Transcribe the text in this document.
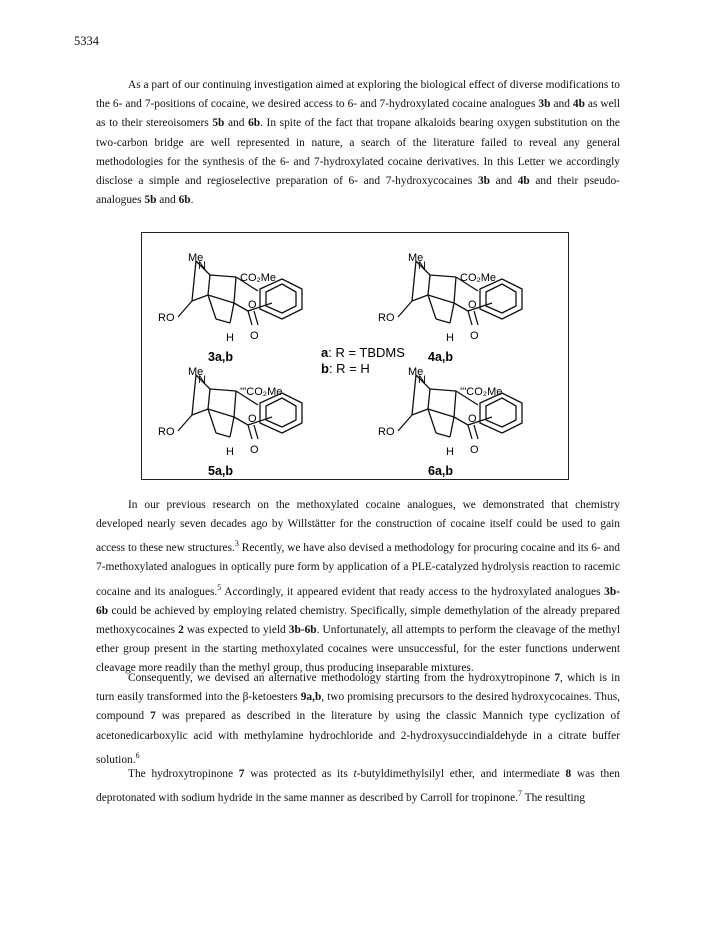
5334

As a part of our continuing investigation aimed at exploring the biological effect of diverse modifications to the 6- and 7-positions of cocaine, we desired access to 6- and 7-hydroxylated cocaine analogues 3b and 4b as well as to their stereoisomers 5b and 6b. In spite of the fact that tropane alkaloids bearing oxygen substitution on the two-carbon bridge are well represented in nature, a search of the literature failed to reveal any general methodologies for the synthesis of the 6- and 7-hydroxylated cocaine derivatives. In this Letter we accordingly disclose a simple and regioselective preparation of 6- and 7-hydroxycocaines 3b and 4b and their pseudo-analogues 5b and 6b.

Me
N
CO₂Me
RO
O
H O
3a,b
Me
N
CO₂Me
RO
O
H O
4a,b
Me
N
'''CO₂Me
RO
O
H O
5a,b
Me
N
'''CO₂Me
RO
O
H O
6a,b
a: R = TBDMS
b: R = H

In our previous research on the methoxylated cocaine analogues, we demonstrated that chemistry developed nearly seven decades ago by Willstätter for the construction of cocaine itself could be used to gain access to these new structures.$^3$ Recently, we have also devised a methodology for procuring cocaine and its 6- and 7-methoxylated analogues in optically pure form by application of a PLE-catalyzed hydrolysis reaction to racemic cocaine and its analogues.$^5$ Accordingly, it appeared evident that ready access to the hydroxylated analogues 3b-6b could be achieved by employing related chemistry. Specifically, simple demethylation of the already prepared methoxycocaines 2 was expected to yield 3b-6b. Unfortunately, all attempts to perform the cleavage of the methyl ether group present in the starting methoxylated cocaines were unsuccessful, for the ester functions underwent cleavage more readily than the methyl group, thus producing inseparable mixtures.

Consequently, we devised an alternative methodology starting from the hydroxytropinone 7, which is in turn easily transformed into the β-ketoesters 9a,b, two promising precursors to the desired hydroxycocaines. Thus, compound 7 was prepared as described in the literature by using the classic Mannich type cyclization of acetonedicarboxylic acid with methylamine hydrochloride and 2-hydroxysuccindialdehyde in a citrate buffer solution.$^6$

The hydroxytropinone 7 was protected as its t-butyldimethylsilyl ether, and intermediate 8 was then deprotonated with sodium hydride in the same manner as described by Carroll for tropinone.$^7$ The resulting
